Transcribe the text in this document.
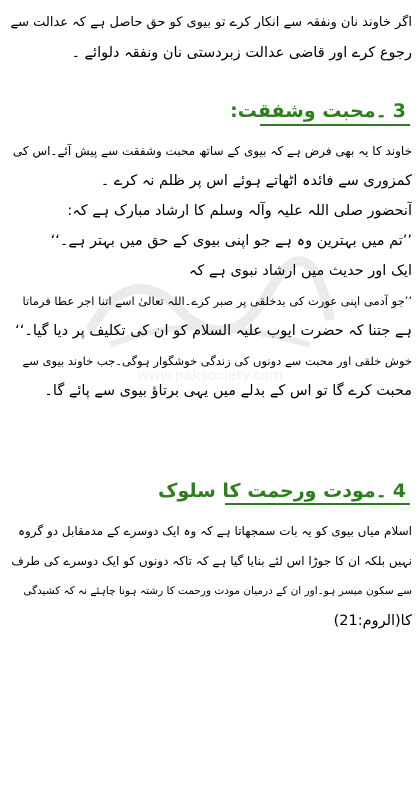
www.paksociety.com
اگر خاوند نان ونفقہ سے انکار کرے تو بیوی کو حق حاصل ہے کہ عدالت سے
رجوع کرے اور قاضی عدالت زبردستی نان ونفقہ دلوائے ۔
3۔محبت وشفقت:
خاوند کا یہ بھی فرض ہے کہ بیوی کے ساتھ محبت وشفقت سے پیش آئے۔اس کی
کمزوری سے فائدہ اٹھاتے ہوئے اس پر ظلم نہ کرے ۔
آنحضور صلی اللہ علیہ وآلہ وسلم کا ارشاد مبارک ہے کہ:
’’تم میں بہترین وہ ہے جو اپنی بیوی کے حق میں بہتر ہے۔‘‘
ایک اور حدیث میں ارشاد نبوی ہے کہ
’’جو آدمی اپنی عورت کی بدخلقی پر صبر کرے۔اللہ تعالیٰ اسے اتنا اجر عطا فرماتا
ہے جتنا کہ حضرت ایوب علیہ السلام کو ان کی تکلیف پر دیا گیا۔‘‘
خوش خلقی اور محبت سے دونوں کی زندگی خوشگوار ہوگی۔جب خاوند بیوی سے
محبت کرے گا تو اس کے بدلے میں یہی برتاؤ بیوی سے پائے گا۔
4۔مودت ورحمت کا سلوک
اسلام میاں بیوی کو یہ بات سمجھاتا ہے کہ وہ ایک دوسرے کے مدمقابل دو گروہ
نہیں بلکہ ان کا جوڑا اس لئے بنایا گیا ہے کہ تاکہ دونوں کو ایک دوسرے کی طرف
سے سکون میسر ہو۔اور ان کے درمیان مودت ورحمت کا رشتہ ہونا چاہئے نہ کہ کشیدگی
کا(الروم:21)
